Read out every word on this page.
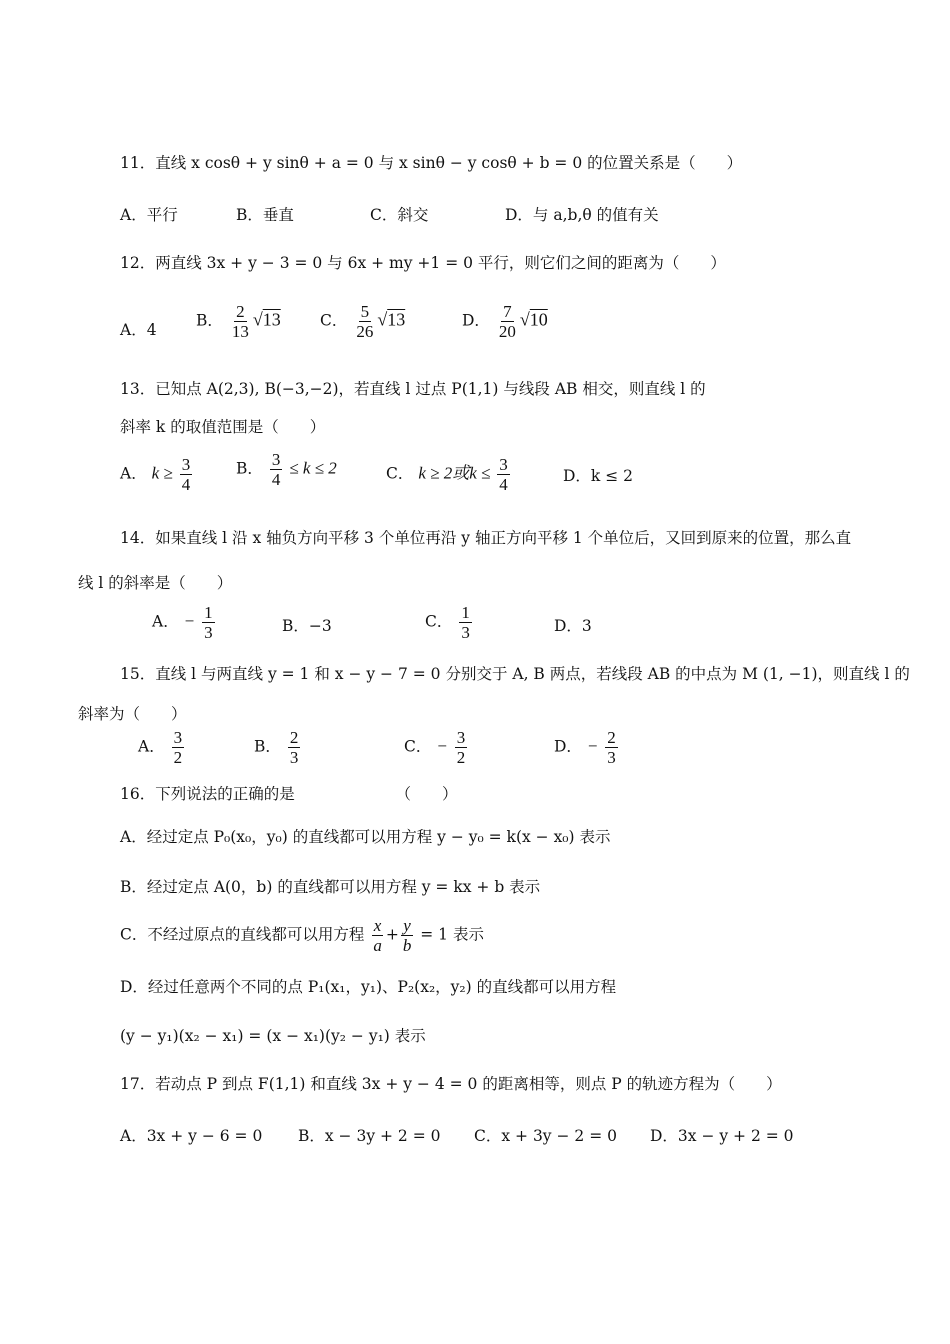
11．直线 x cosθ + y sinθ + a = 0 与 x sinθ − y cosθ + b = 0 的位置关系是（　　）
A．平行	B．垂直	C．斜交	D．与 a,b,θ 的值有关
12．两直线 3x + y − 3 = 0 与 6x + my +1 = 0 平行，则它们之间的距离为（　　）
A．4
B． $\frac{2}{13} √13$	C． $\frac{5}{26} √13$	D． $\frac{7}{20} √10$
13．已知点 A(2,3), B(−3,−2)，若直线 l 过点 P(1,1) 与线段 AB 相交，则直线 l 的
斜率 k 的取值范围是（　　）
A． $k \ge \frac{3}{4}$	B． $\frac{3}{4} \le k \le 2$	C． k ≥ 2或$k \le \frac{3}{4}$	D．k ≤ 2
14．如果直线 l 沿 x 轴负方向平移 3 个单位再沿 y 轴正方向平移 1 个单位后，又回到原来的位置，那么直
线 l 的斜率是（　　）
A． − $\frac{1}{3}$	B．−3	C． $\frac{1}{3}$	D．3
15．直线 l 与两直线 y = 1 和 x − y − 7 = 0 分别交于 A, B 两点，若线段 AB 的中点为 M (1, −1)，则直线 l 的
斜率为（　　）
A． $\frac{3}{2}$	B． $\frac{2}{3}$	C． − $\frac{3}{2}$	D． − $\frac{2}{3}$
16．下列说法的正确的是　　　　　　　（　　）
A．经过定点 P₀(x₀，y₀) 的直线都可以用方程 y − y₀ = k(x − x₀) 表示
B．经过定点 A(0，b) 的直线都可以用方程 y = kx + b 表示
C．不经过原点的直线都可以用方程 $\frac{x}{a} + \frac{y}{b} = 1$ 表示
D．经过任意两个不同的点 P₁(x₁，y₁)、P₂(x₂，y₂) 的直线都可以用方程
(y − y₁)(x₂ − x₁) = (x − x₁)(y₂ − y₁) 表示
17．若动点 P 到点 F(1,1) 和直线 3x + y − 4 = 0 的距离相等，则点 P 的轨迹方程为（　　）
A．3x + y − 6 = 0 B．x − 3y + 2 = 0 C．x + 3y − 2 = 0 D．3x − y + 2 = 0
